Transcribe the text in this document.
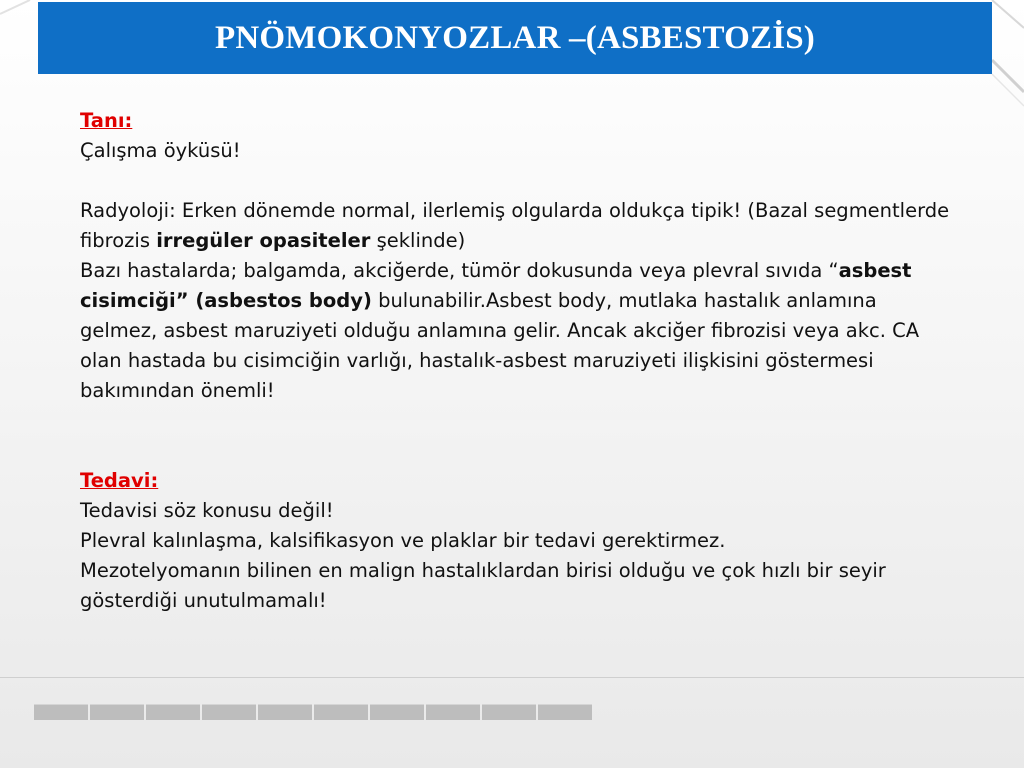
PNÖMOKONYOZLAR –(ASBESTOZİS)

Tanı:

Çalışma öyküsü!

Radyoloji: Erken dönemde normal, ilerlemiş olgularda oldukça tipik! (Bazal segmentlerde fibrozis irregüler opasiteler şeklinde)

Bazı hastalarda; balgamda, akciğerde, tümör dokusunda veya plevral sıvıda “asbest cisimciği” (asbestos body) bulunabilir.Asbest body, mutlaka hastalık anlamına gelmez, asbest maruziyeti olduğu anlamına gelir. Ancak akciğer fibrozisi veya akc. CA olan hastada bu cisimciğin varlığı, hastalık-asbest maruziyeti ilişkisini göstermesi bakımından önemli!

Tedavi:

Tedavisi söz konusu değil!

Plevral kalınlaşma, kalsifikasyon ve plaklar bir tedavi gerektirmez.

Mezotelyomanın bilinen en malign hastalıklardan birisi olduğu ve çok hızlı bir seyir gösterdiği unutulmamalı!
